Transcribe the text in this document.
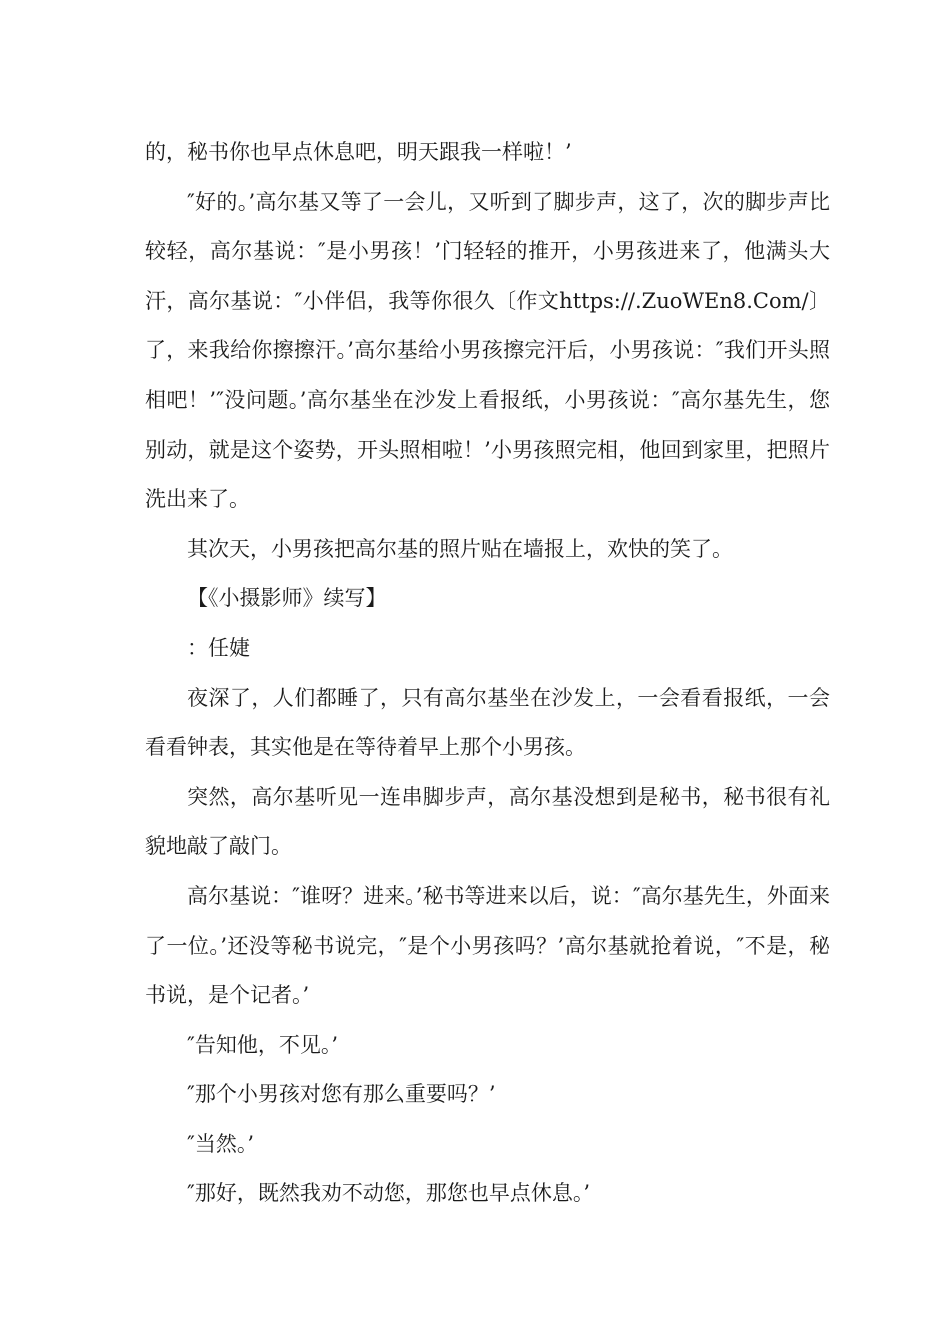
的，秘书你也早点休息吧，明天跟我一样啦！’

″好的。’高尔基又等了一会儿，又听到了脚步声，这了，次的脚步声比较轻，高尔基说：″是小男孩！’门轻轻的推开，小男孩进来了，他满头大汗，高尔基说：″小伴侣，我等你很久〔作文https://.ZuoWEn8.Com/〕了，来我给你擦擦汗。’高尔基给小男孩擦完汗后，小男孩说：″我们开头照相吧！’″没问题。’高尔基坐在沙发上看报纸，小男孩说：″高尔基先生，您别动，就是这个姿势，开头照相啦！’小男孩照完相，他回到家里，把照片洗出来了。

其次天，小男孩把高尔基的照片贴在墙报上，欢快的笑了。

【《小摄影师》续写】

：任婕

夜深了，人们都睡了，只有高尔基坐在沙发上，一会看看报纸，一会看看钟表，其实他是在等待着早上那个小男孩。

突然，高尔基听见一连串脚步声，高尔基没想到是秘书，秘书很有礼貌地敲了敲门。

高尔基说：″谁呀？进来。’秘书等进来以后，说：″高尔基先生，外面来了一位。’还没等秘书说完，″是个小男孩吗？’高尔基就抢着说，″不是，秘书说，是个记者。’

″告知他，不见。’

″那个小男孩对您有那么重要吗？’

″当然。’

″那好，既然我劝不动您，那您也早点休息。’
